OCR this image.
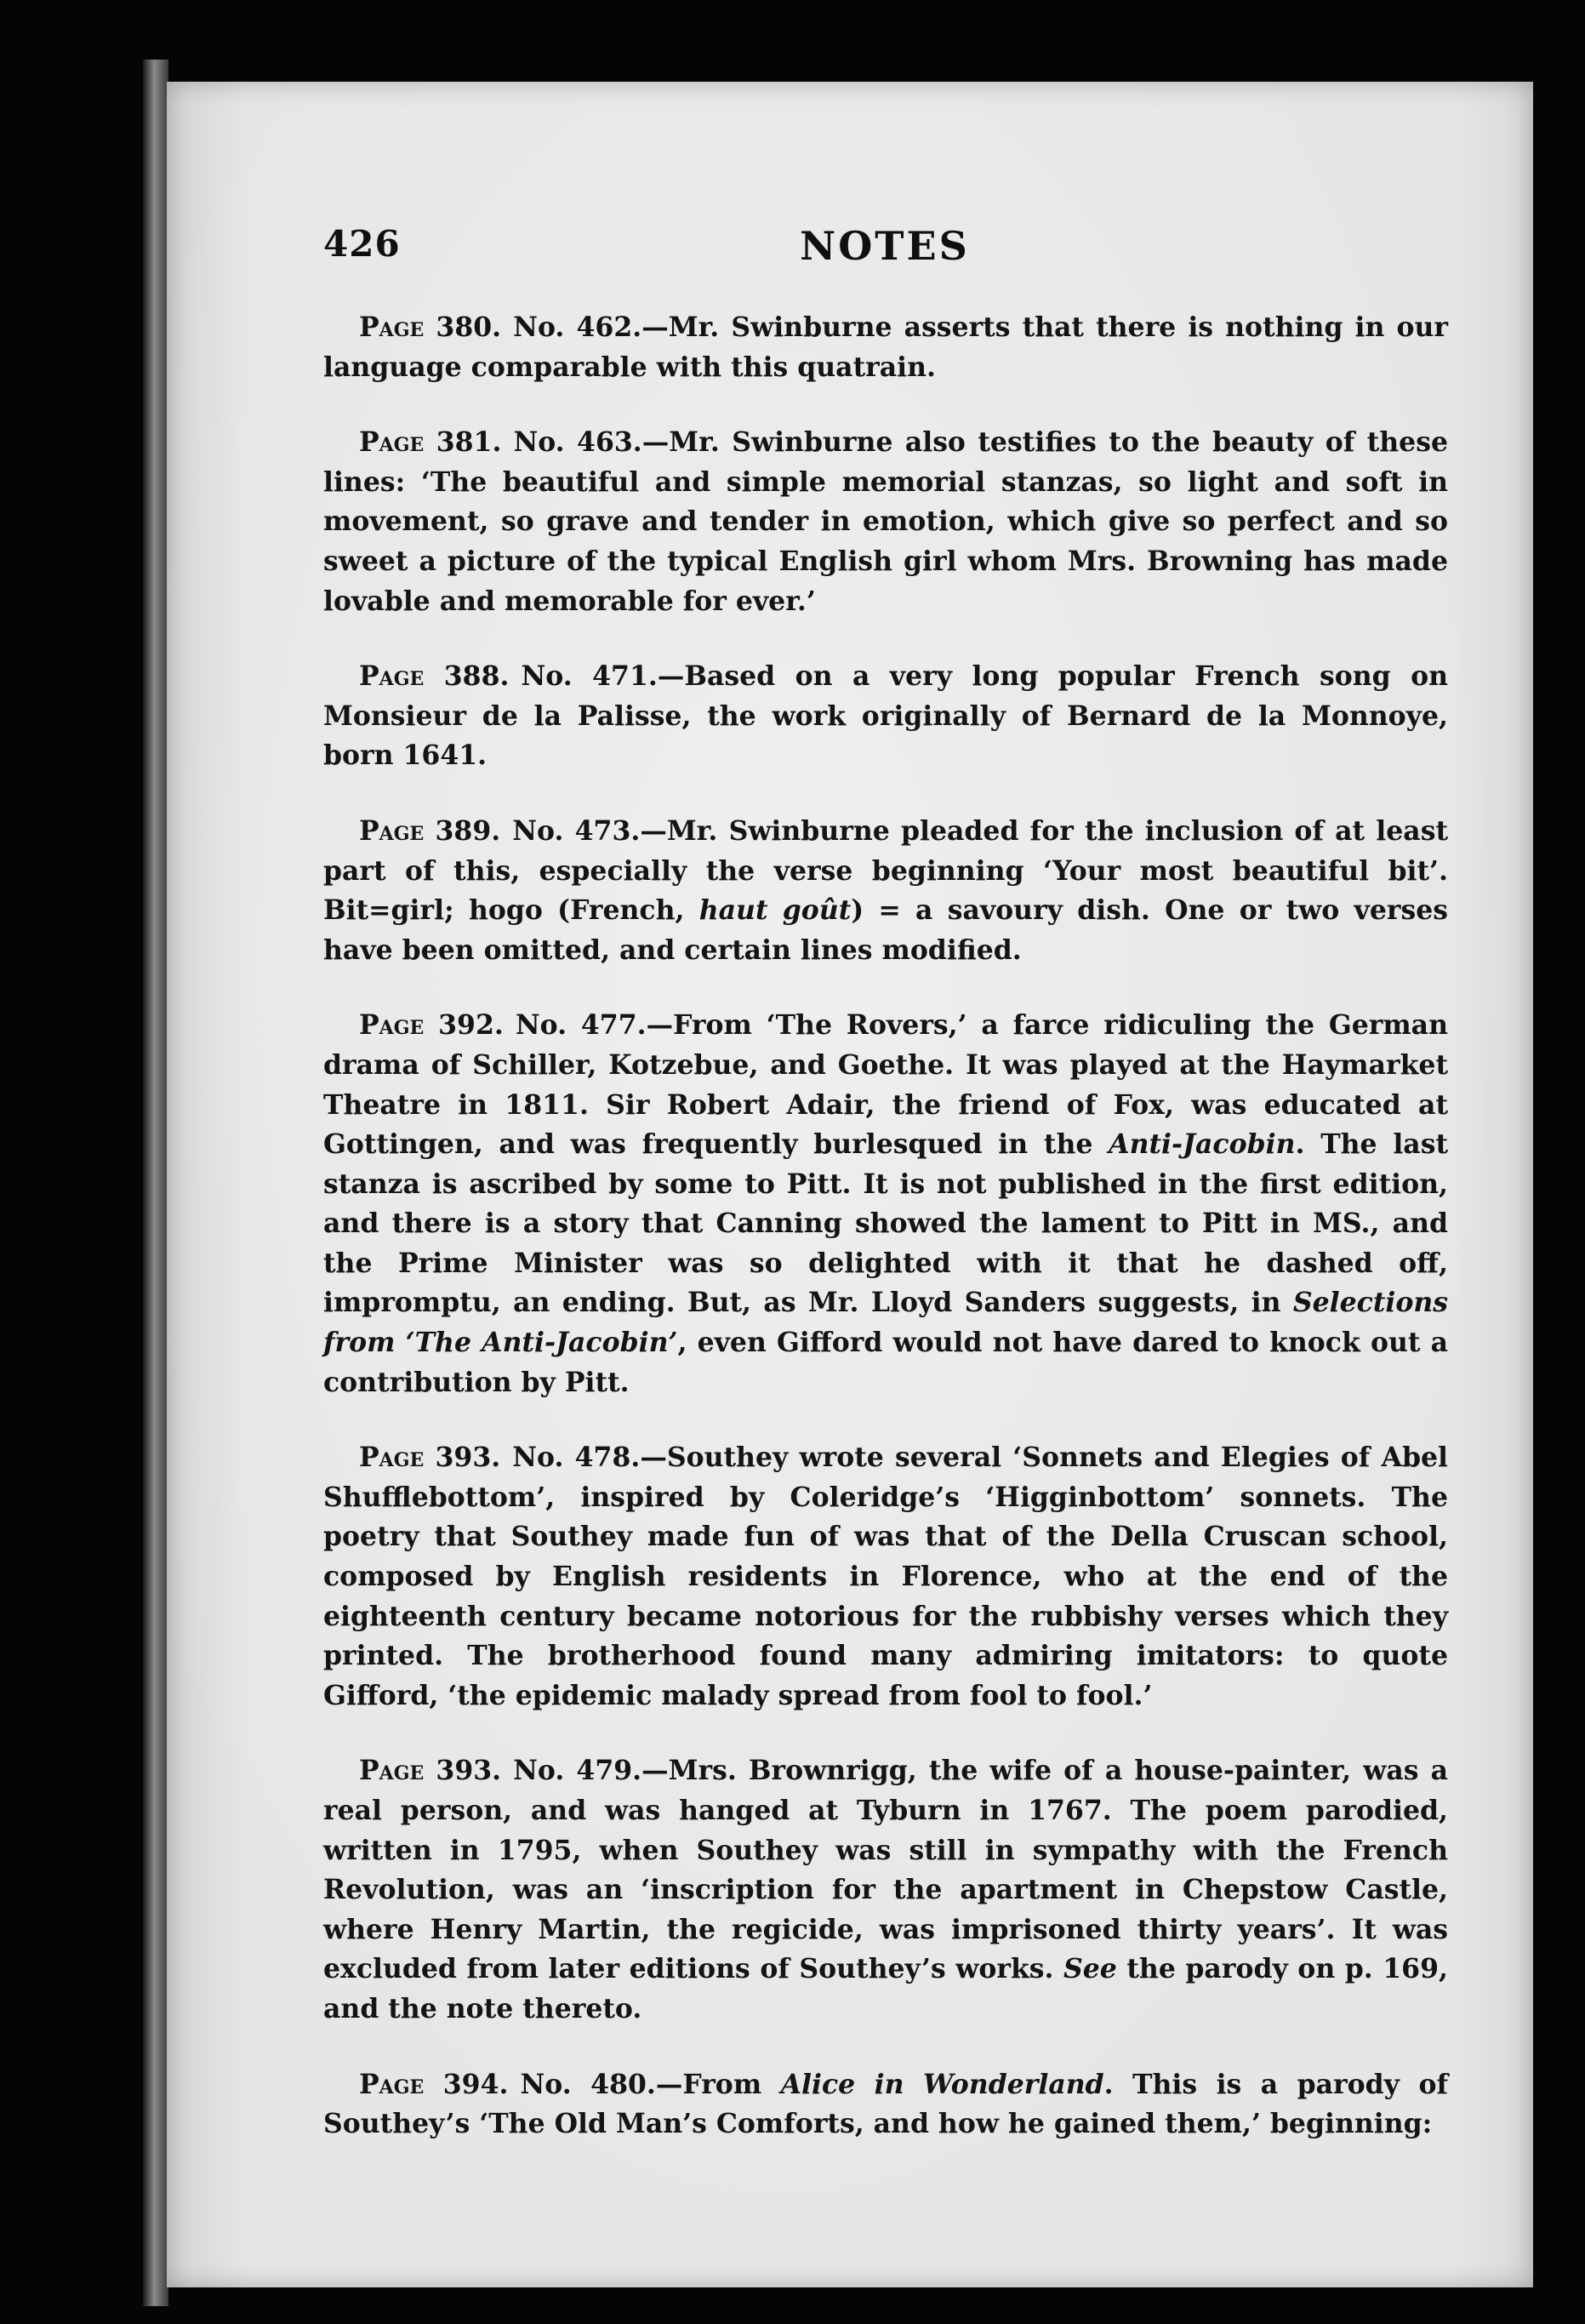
426	NOTES

Page 380. No. 462.—Mr. Swinburne asserts that there is nothing in our language comparable with this quatrain.

Page 381. No. 463.—Mr. Swinburne also testifies to the beauty of these lines: ‘The beautiful and simple memorial stanzas, so light and soft in movement, so grave and tender in emotion, which give so perfect and so sweet a picture of the typical English girl whom Mrs. Browning has made lovable and memorable for ever.’

Page 388. No. 471.—Based on a very long popular French song on Monsieur de la Palisse, the work originally of Bernard de la Monnoye, born 1641.

Page 389. No. 473.—Mr. Swinburne pleaded for the inclusion of at least part of this, especially the verse beginning ‘Your most beautiful bit’. Bit=girl; hogo (French, haut goût) = a savoury dish. One or two verses have been omitted, and certain lines modified.

Page 392. No. 477.—From ‘The Rovers,’ a farce ridiculing the German drama of Schiller, Kotzebue, and Goethe. It was played at the Haymarket Theatre in 1811. Sir Robert Adair, the friend of Fox, was educated at Gottingen, and was frequently burlesqued in the Anti-Jacobin. The last stanza is ascribed by some to Pitt. It is not published in the first edition, and there is a story that Canning showed the lament to Pitt in MS., and the Prime Minister was so delighted with it that he dashed off, impromptu, an ending. But, as Mr. Lloyd Sanders suggests, in Selections from ‘The Anti-Jacobin’, even Gifford would not have dared to knock out a contribution by Pitt.

Page 393. No. 478.—Southey wrote several ‘Sonnets and Elegies of Abel Shufflebottom’, inspired by Coleridge’s ‘Higginbottom’ sonnets. The poetry that Southey made fun of was that of the Della Cruscan school, composed by English residents in Florence, who at the end of the eighteenth century became notorious for the rubbishy verses which they printed. The brotherhood found many admiring imitators: to quote Gifford, ‘the epidemic malady spread from fool to fool.’

Page 393. No. 479.—Mrs. Brownrigg, the wife of a house-painter, was a real person, and was hanged at Tyburn in 1767. The poem parodied, written in 1795, when Southey was still in sympathy with the French Revolution, was an ‘inscription for the apartment in Chepstow Castle, where Henry Martin, the regicide, was imprisoned thirty years’. It was excluded from later editions of Southey’s works. See the parody on p. 169, and the note thereto.

Page 394. No. 480.—From Alice in Wonderland. This is a parody of Southey’s ‘The Old Man’s Comforts, and how he gained them,’ beginning:
